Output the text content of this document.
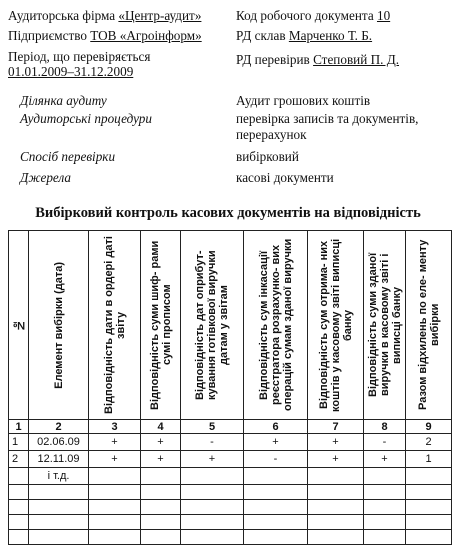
Аудиторська фірма «Центр-аудит»
Підприємство ТОВ «Агроінформ»
Період, що перевіряється
01.01.2009–31.12.2009
Код робочого документа 10
РД склав Марченко Т. Б.
РД перевірив Степовий П. Д.
Ділянка аудиту	Аудит грошових коштів
Аудиторські процедури	перевірка записів та документів,
перерахунок
Спосіб перевірки	вибірковий
Джерела	касові документи
Вибірковий контроль касових документів на відповідність
№	Елемент вибірки (дата)	Відповідність дати в ордері даті звіту	Відповідність суми шиф- рами сумі прописом	Відповідність дат оприбут- кування готівкової виручки датам у звітам	Відповідність сум інкасації реєстратора розрахунко- вих операцій сумам зданої виручки	Відповідність сум отрима- них коштів у касовому звіті виписці банку	Відповідність суми зданої виручки в касовому звіті і виписці банку	Разом відхилень по еле- менту вибірки

1	2	3	4	5	6	7	8	9
1	02.06.09	+	+	-	+	+	-	2
2	12.11.09	+	+	+	-	+	+	1
	і т.д.							
